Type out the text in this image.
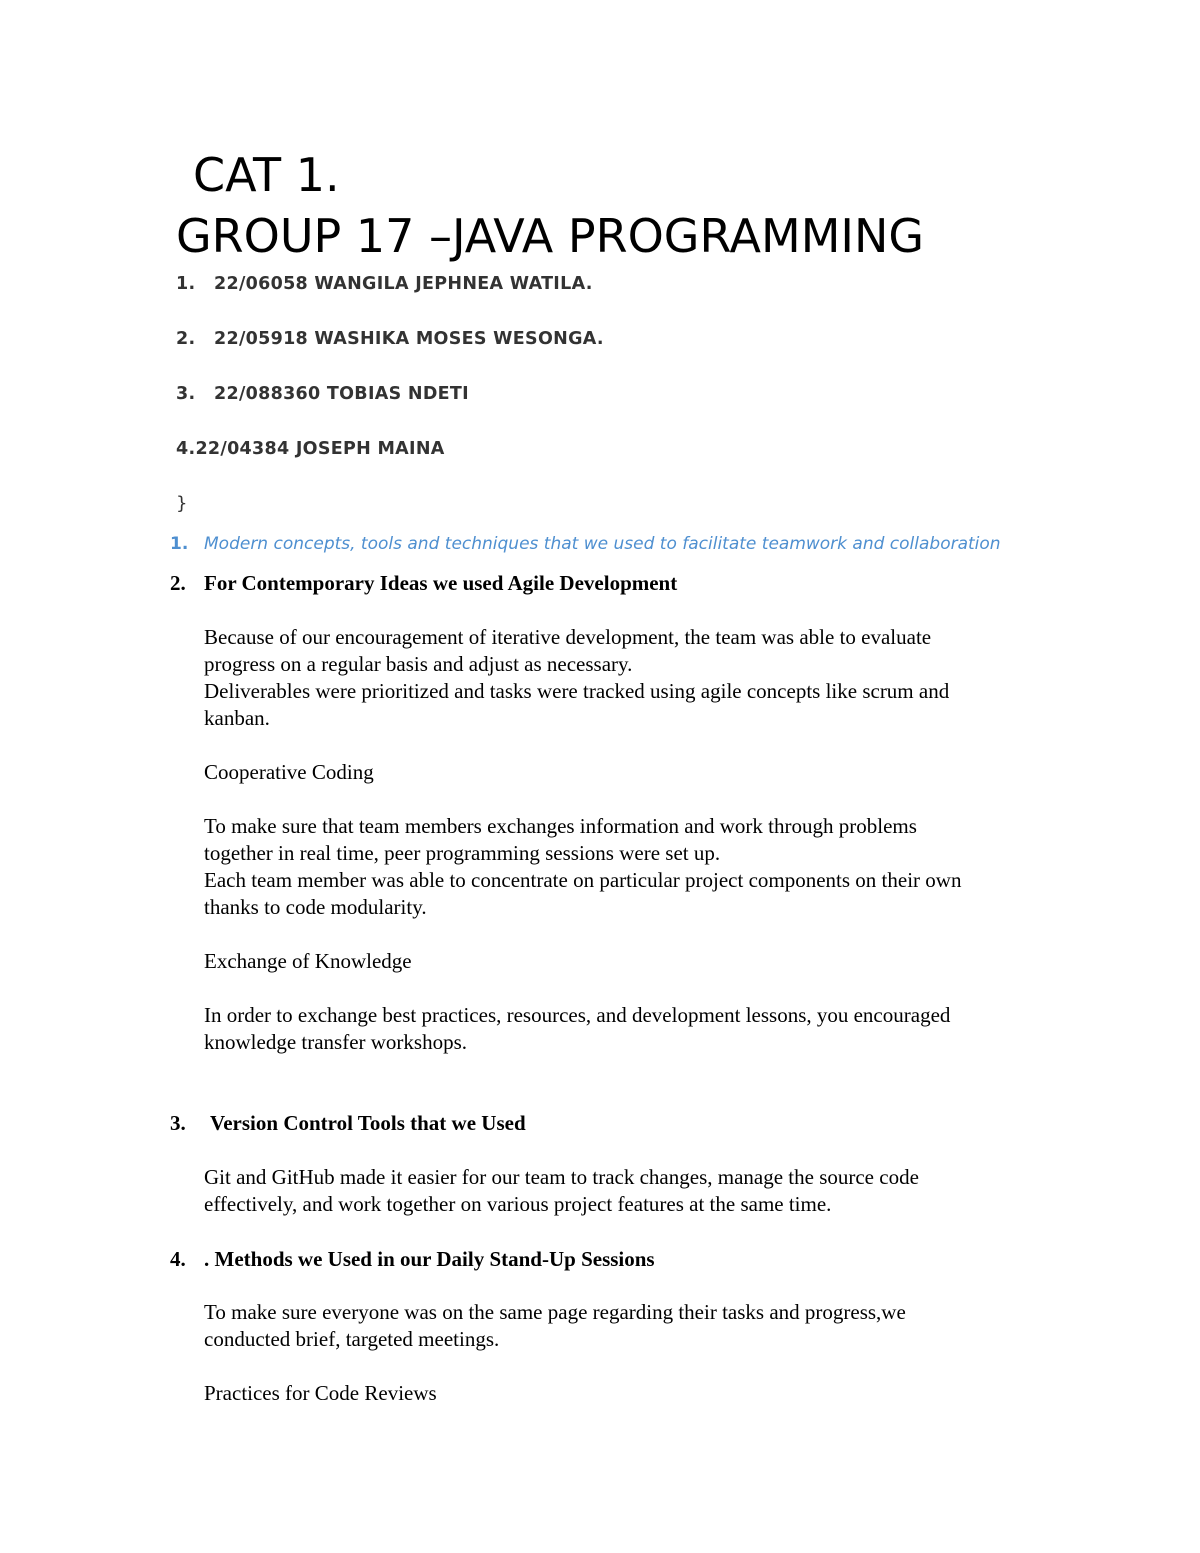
CAT 1.
GROUP 17 –JAVA PROGRAMMING
1. 22/06058 WANGILA JEPHNEA WATILA.
2. 22/05918 WASHIKA MOSES WESONGA.
3. 22/088360 TOBIAS NDETI
4.22/04384 JOSEPH MAINA
}
1. Modern concepts, tools and techniques that we used to facilitate teamwork and collaboration
2. For Contemporary Ideas we used Agile Development
Because of our encouragement of iterative development, the team was able to evaluate
progress on a regular basis and adjust as necessary.
Deliverables were prioritized and tasks were tracked using agile concepts like scrum and
kanban.
Cooperative Coding
To make sure that team members exchanges information and work through problems
together in real time, peer programming sessions were set up.
Each team member was able to concentrate on particular project components on their own
thanks to code modularity.
Exchange of Knowledge
In order to exchange best practices, resources, and development lessons, you encouraged
knowledge transfer workshops.
3. Version Control Tools that we Used
Git and GitHub made it easier for our team to track changes, manage the source code
effectively, and work together on various project features at the same time.
4. . Methods we Used in our Daily Stand-Up Sessions
To make sure everyone was on the same page regarding their tasks and progress,we
conducted brief, targeted meetings.
Practices for Code Reviews
